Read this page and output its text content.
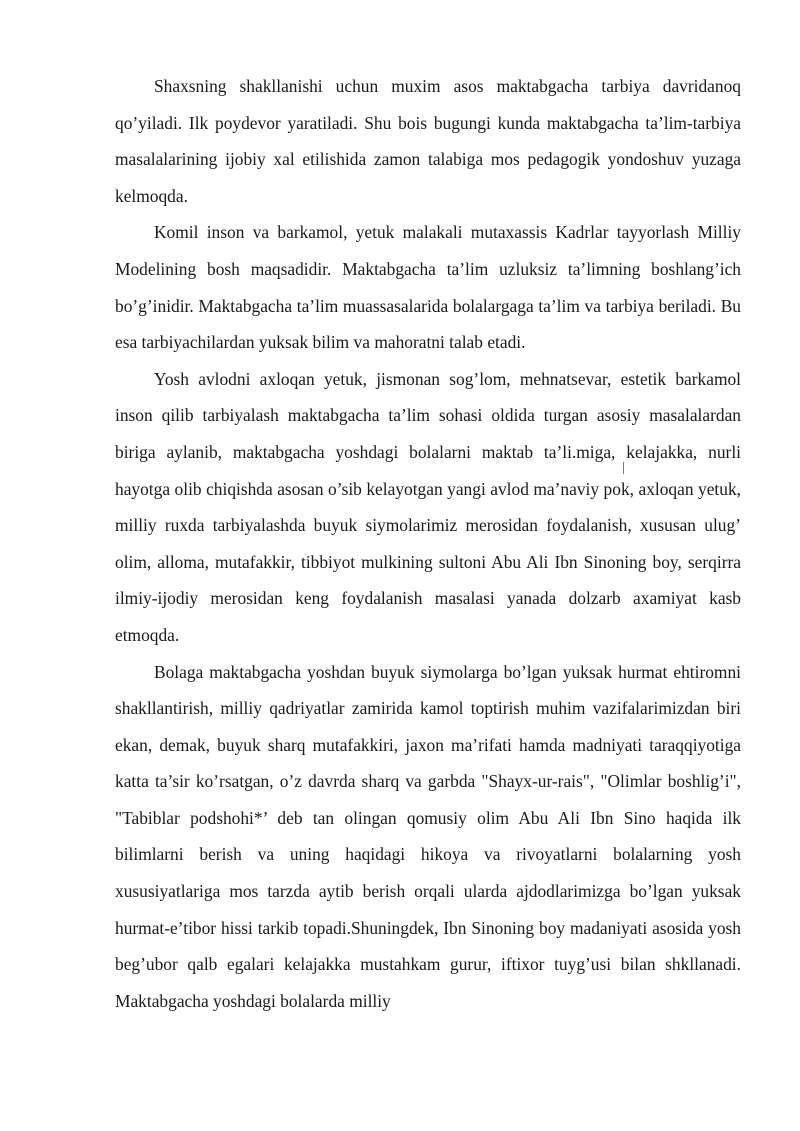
Shaxsning shakllanishi uchun muxim asos maktabgacha tarbiya davridanoq qo’yiladi. Ilk poydevor yaratiladi. Shu bois bugungi kunda maktabgacha ta’lim-tarbiya masalalarining ijobiy xal etilishida zamon talabiga mos pedagogik yondoshuv yuzaga kelmoqda.

Komil inson va barkamol, yetuk malakali mutaxassis Kadrlar tayyorlash Milliy Modelining bosh maqsadidir. Maktabgacha ta’lim uzluksiz ta’limning boshlang’ich bo’g’inidir. Maktabgacha ta’lim muassasalarida bolalargaga ta’lim va tarbiya beriladi. Bu esa tarbiyachilardan yuksak bilim va mahoratni talab etadi.

Yosh avlodni axloqan yetuk, jismonan sog’lom, mehnatsevar, estetik barkamol inson qilib tarbiyalash maktabgacha ta’lim sohasi oldida turgan asosiy masalalardan biriga aylanib, maktabgacha yoshdagi bolalarni maktab ta’li.miga, kelajakka, nurli hayotga olib chiqishda asosan o’sib kelayotgan yangi avlod ma’naviy pok, axloqan yetuk, milliy ruxda tarbiyalashda buyuk siymolarimiz merosidan foydalanish, xususan ulug’ olim, alloma, mutafakkir, tibbiyot mulkining sultoni Abu Ali Ibn Sinoning boy, serqirra ilmiy-ijodiy merosidan keng foydalanish masalasi yanada dolzarb axamiyat kasb etmoqda.

Bolaga maktabgacha yoshdan buyuk siymolarga bo’lgan yuksak hurmat ehtiromni shakllantirish, milliy qadriyatlar zamirida kamol toptirish muhim vazifalarimizdan biri ekan, demak, buyuk sharq mutafakkiri, jaxon ma’rifati hamda madniyati taraqqiyotiga katta ta’sir ko’rsatgan, o’z davrda sharq va garbda "Shayx-ur-rais", "Olimlar boshlig’i", "Tabiblar podshohi*’ deb tan olingan qomusiy olim Abu Ali Ibn Sino haqida ilk bilimlarni berish va uning haqidagi hikoya va rivoyatlarni bolalarning yosh xususiyatlariga mos tarzda aytib berish orqali ularda ajdodlarimizga bo’lgan yuksak hurmat-e’tibor hissi tarkib topadi.Shuningdek, Ibn Sinoning boy madaniyati asosida yosh beg’ubor qalb egalari kelajakka mustahkam gurur, iftixor tuyg’usi bilan shkllanadi. Maktabgacha yoshdagi bolalarda milliy
